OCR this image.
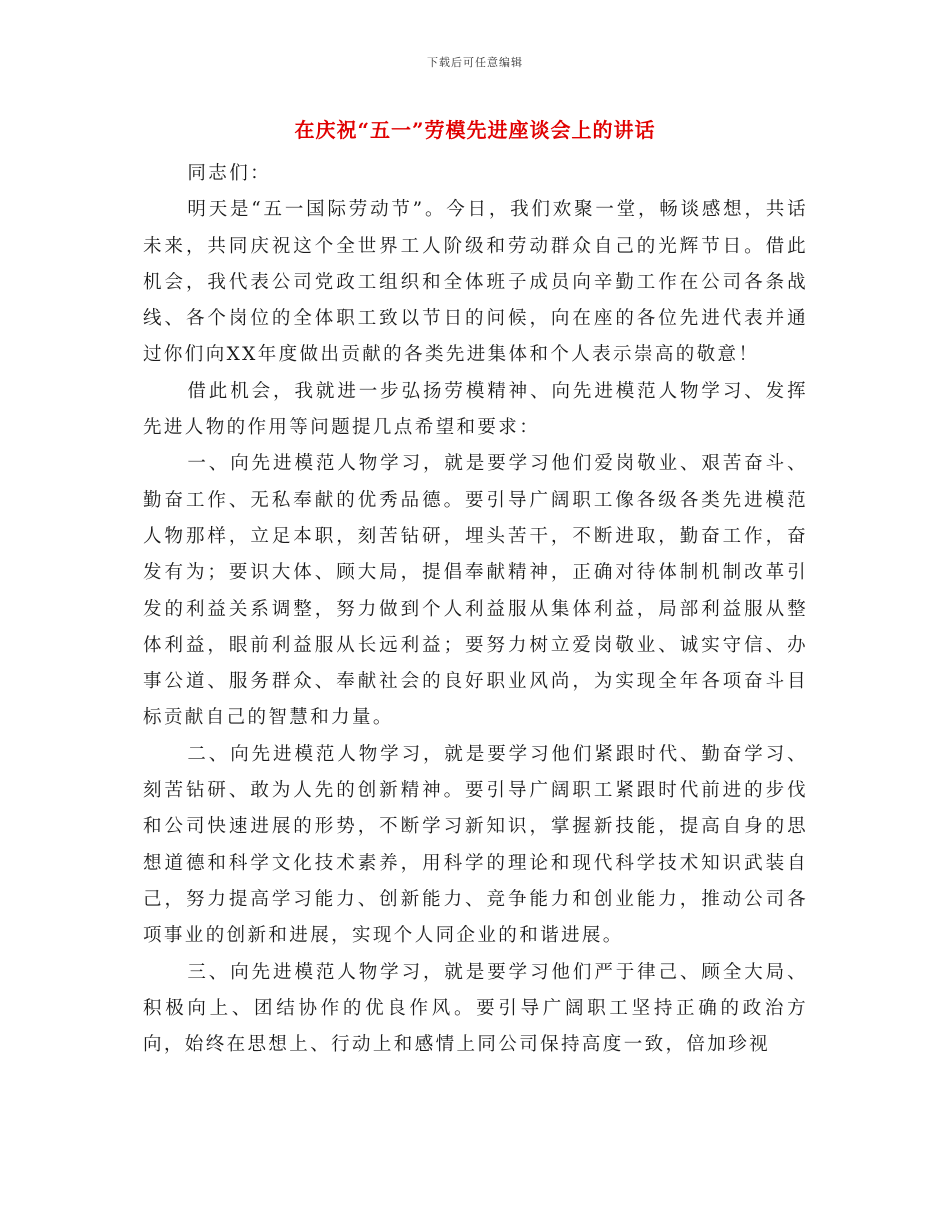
下载后可任意编辑
在庆祝“五一”劳模先进座谈会上的讲话

同志们：

明天是“五一国际劳动节”。今日，我们欢聚一堂，畅谈感想，共话未来，共同庆祝这个全世界工人阶级和劳动群众自己的光辉节日。借此机会，我代表公司党政工组织和全体班子成员向辛勤工作在公司各条战线、各个岗位的全体职工致以节日的问候，向在座的各位先进代表并通过你们向XX年度做出贡献的各类先进集体和个人表示崇高的敬意！

借此机会，我就进一步弘扬劳模精神、向先进模范人物学习、发挥先进人物的作用等问题提几点希望和要求：

一、向先进模范人物学习，就是要学习他们爱岗敬业、艰苦奋斗、勤奋工作、无私奉献的优秀品德。要引导广阔职工像各级各类先进模范人物那样，立足本职，刻苦钻研，埋头苦干，不断进取，勤奋工作，奋发有为；要识大体、顾大局，提倡奉献精神，正确对待体制机制改革引发的利益关系调整，努力做到个人利益服从集体利益，局部利益服从整体利益，眼前利益服从长远利益；要努力树立爱岗敬业、诚实守信、办事公道、服务群众、奉献社会的良好职业风尚，为实现全年各项奋斗目标贡献自己的智慧和力量。

二、向先进模范人物学习，就是要学习他们紧跟时代、勤奋学习、刻苦钻研、敢为人先的创新精神。要引导广阔职工紧跟时代前进的步伐和公司快速进展的形势，不断学习新知识，掌握新技能，提高自身的思想道德和科学文化技术素养，用科学的理论和现代科学技术知识武装自己，努力提高学习能力、创新能力、竞争能力和创业能力，推动公司各项事业的创新和进展，实现个人同企业的和谐进展。

三、向先进模范人物学习，就是要学习他们严于律己、顾全大局、积极向上、团结协作的优良作风。要引导广阔职工坚持正确的政治方向，始终在思想上、行动上和感情上同公司保持高度一致，倍加珍视
